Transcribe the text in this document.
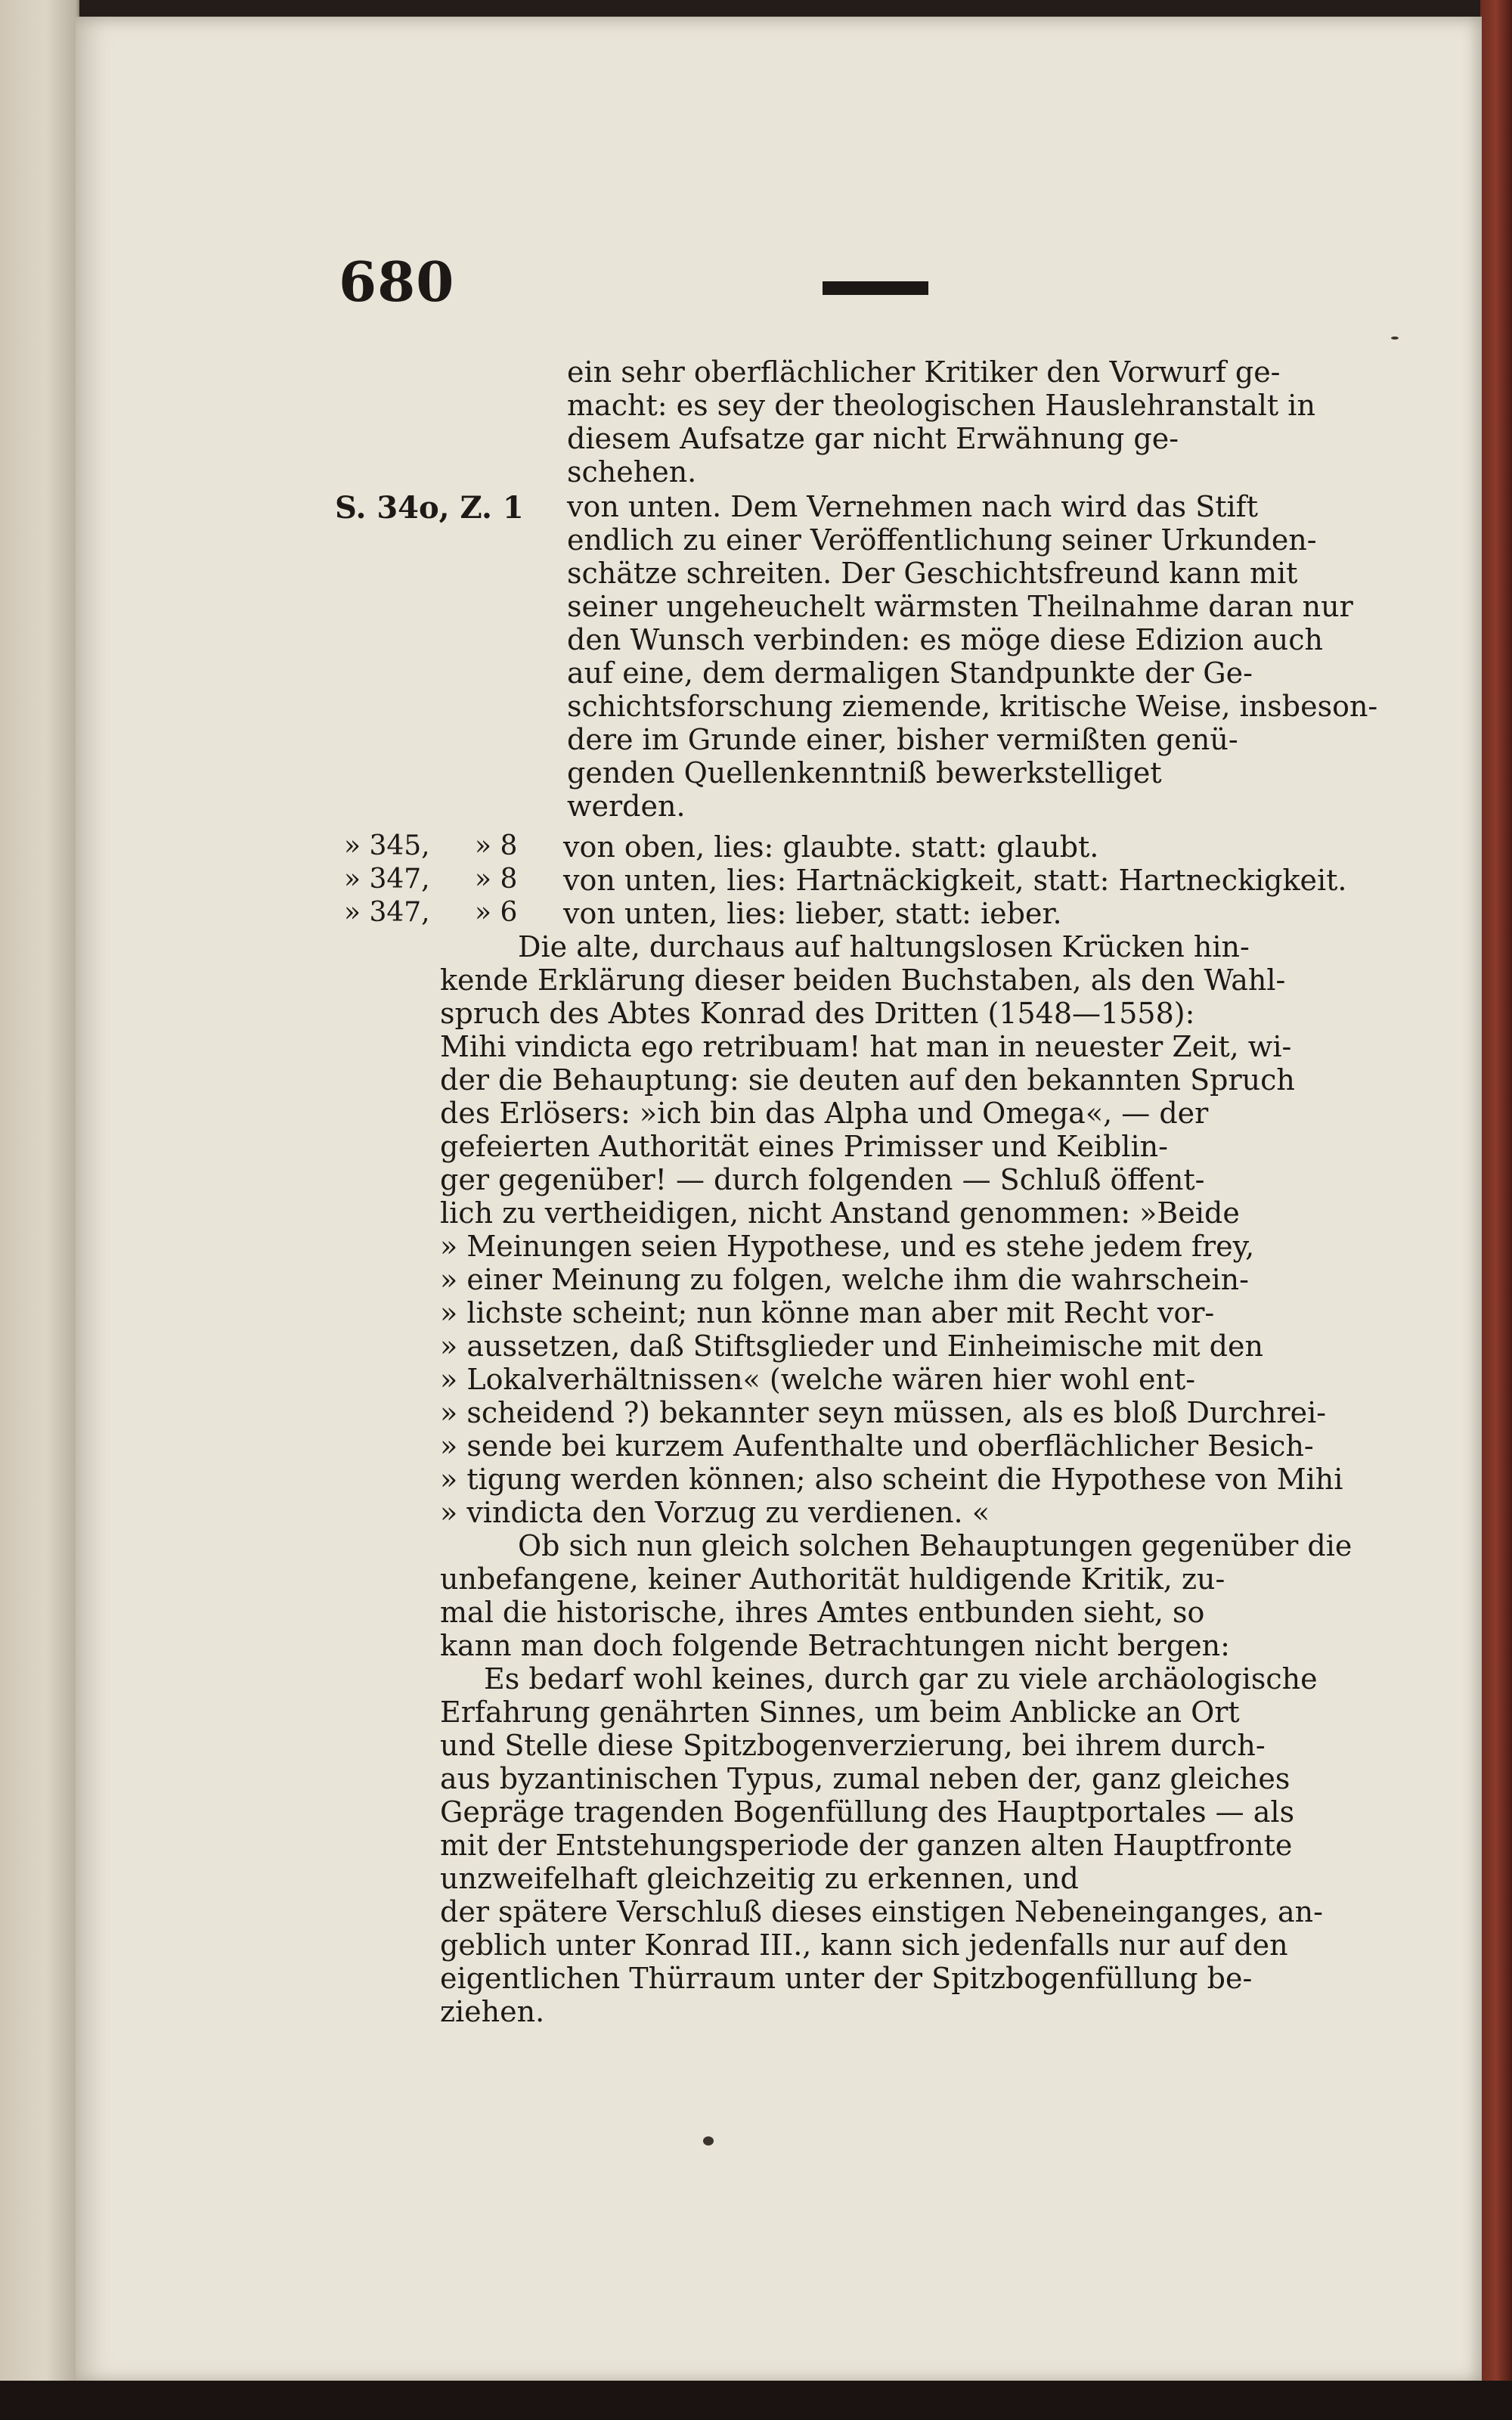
680
ein sehr oberflächlicher Kritiker den Vorwurf ge-
macht: es sey der theologischen Hauslehranstalt in
diesem Aufsatze gar nicht Erwähnung ge-
schehen.
S. 34o, Z. 1	von unten. Dem Vernehmen nach wird das Stift
endlich zu einer Veröffentlichung seiner Urkunden-
schätze schreiten. Der Geschichtsfreund kann mit
seiner ungeheuchelt wärmsten Theilnahme daran nur
den Wunsch verbinden: es möge diese Edizion auch
auf eine, dem dermaligen Standpunkte der Ge-
schichtsforschung ziemende, kritische Weise, insbeson-
dere im Grunde einer, bisher vermißten genü-
genden Quellenkenntniß bewerkstelliget
werden.
» 345,	» 8 von oben, lies: glaubte. statt: glaubt.
» 347,	» 8 von unten, lies: Hartnäckigkeit, statt: Hartneckigkeit.
» 347,	» 6 von unten, lies: lieber, statt: ieber.
Die alte, durchaus auf haltungslosen Krücken hin-
kende Erklärung dieser beiden Buchstaben, als den Wahl-
spruch des Abtes Konrad des Dritten (1548—1558):
Mihi vindicta ego retribuam! hat man in neuester Zeit, wi-
der die Behauptung: sie deuten auf den bekannten Spruch
des Erlösers: »ich bin das Alpha und Omega«, — der
gefeierten Authorität eines Primisser und Keiblin-
ger gegenüber! — durch folgenden — Schluß öffent-
lich zu vertheidigen, nicht Anstand genommen: »Beide
» Meinungen seien Hypothese, und es stehe jedem frey,
» einer Meinung zu folgen, welche ihm die wahrschein-
» lichste scheint; nun könne man aber mit Recht vor-
» aussetzen, daß Stiftsglieder und Einheimische mit den
» Lokalverhältnissen« (welche wären hier wohl ent-
» scheidend ?) bekannter seyn müssen, als es bloß Durchrei-
» sende bei kurzem Aufenthalte und oberflächlicher Besich-
» tigung werden können; also scheint die Hypothese von Mihi
» vindicta den Vorzug zu verdienen. «
Ob sich nun gleich solchen Behauptungen gegenüber die
unbefangene, keiner Authorität huldigende Kritik, zu-
mal die historische, ihres Amtes entbunden sieht, so
kann man doch folgende Betrachtungen nicht bergen:
Es bedarf wohl keines, durch gar zu viele archäologische
Erfahrung genährten Sinnes, um beim Anblicke an Ort
und Stelle diese Spitzbogenverzierung, bei ihrem durch-
aus byzantinischen Typus, zumal neben der, ganz gleiches
Gepräge tragenden Bogenfüllung des Hauptportales — als
mit der Entstehungsperiode der ganzen alten Hauptfronte
unzweifelhaft gleichzeitig zu erkennen, und
der spätere Verschluß dieses einstigen Nebeneinganges, an-
geblich unter Konrad III., kann sich jedenfalls nur auf den
eigentlichen Thürraum unter der Spitzbogenfüllung be-
ziehen.
